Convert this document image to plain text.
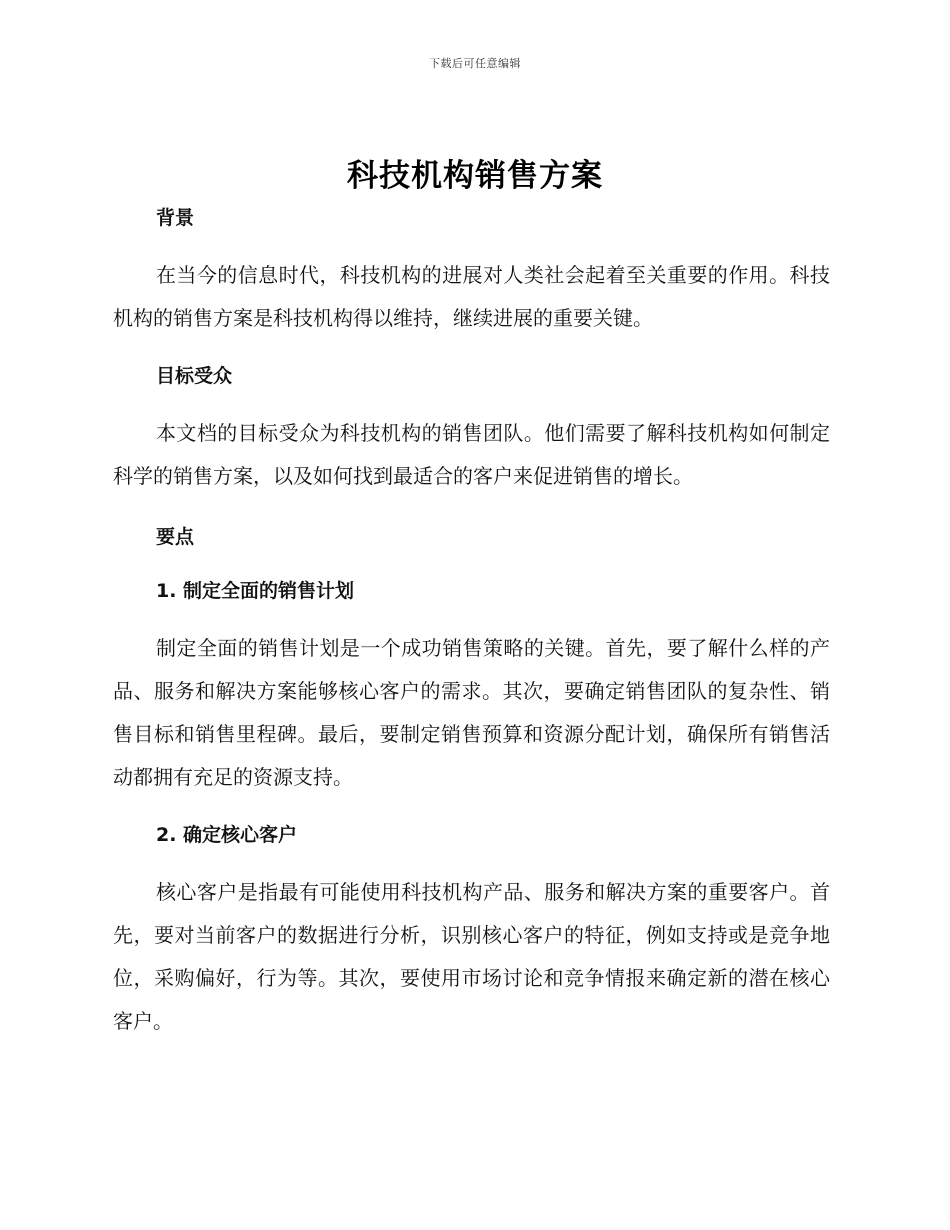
下载后可任意编辑
科技机构销售方案
背景

在当今的信息时代，科技机构的进展对人类社会起着至关重要的作用。科技机构的销售方案是科技机构得以维持，继续进展的重要关键。

目标受众

本文档的目标受众为科技机构的销售团队。他们需要了解科技机构如何制定科学的销售方案，以及如何找到最适合的客户来促进销售的增长。

要点
1. 制定全面的销售计划

制定全面的销售计划是一个成功销售策略的关键。首先，要了解什么样的产品、服务和解决方案能够核心客户的需求。其次，要确定销售团队的复杂性、销售目标和销售里程碑。最后，要制定销售预算和资源分配计划，确保所有销售活动都拥有充足的资源支持。

2. 确定核心客户

核心客户是指最有可能使用科技机构产品、服务和解决方案的重要客户。首先，要对当前客户的数据进行分析，识别核心客户的特征，例如支持或是竞争地位，采购偏好，行为等。其次，要使用市场讨论和竞争情报来确定新的潜在核心客户。
